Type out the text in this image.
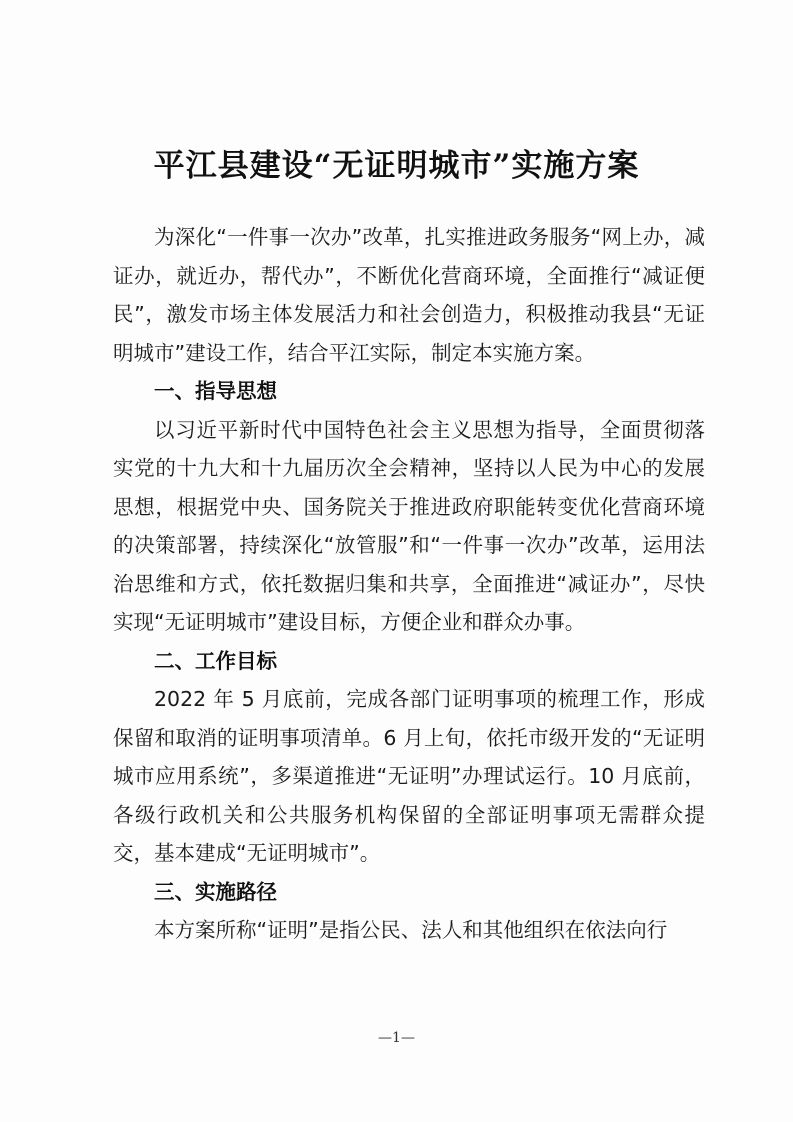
平江县建设“无证明城市”实施方案

为深化“一件事一次办”改革，扎实推进政务服务“网上办，减证办，就近办，帮代办”，不断优化营商环境，全面推行“减证便民”，激发市场主体发展活力和社会创造力，积极推动我县“无证明城市”建设工作，结合平江实际，制定本实施方案。

一、指导思想

以习近平新时代中国特色社会主义思想为指导，全面贯彻落实党的十九大和十九届历次全会精神，坚持以人民为中心的发展思想，根据党中央、国务院关于推进政府职能转变优化营商环境的决策部署，持续深化“放管服”和“一件事一次办”改革，运用法治思维和方式，依托数据归集和共享，全面推进“减证办”，尽快实现“无证明城市”建设目标，方便企业和群众办事。

二、工作目标

2022 年 5 月底前，完成各部门证明事项的梳理工作，形成保留和取消的证明事项清单。6 月上旬，依托市级开发的“无证明城市应用系统”，多渠道推进“无证明”办理试运行。10 月底前，各级行政机关和公共服务机构保留的全部证明事项无需群众提交，基本建成“无证明城市”。

三、实施路径

本方案所称“证明”是指公民、法人和其他组织在依法向行

—1—
